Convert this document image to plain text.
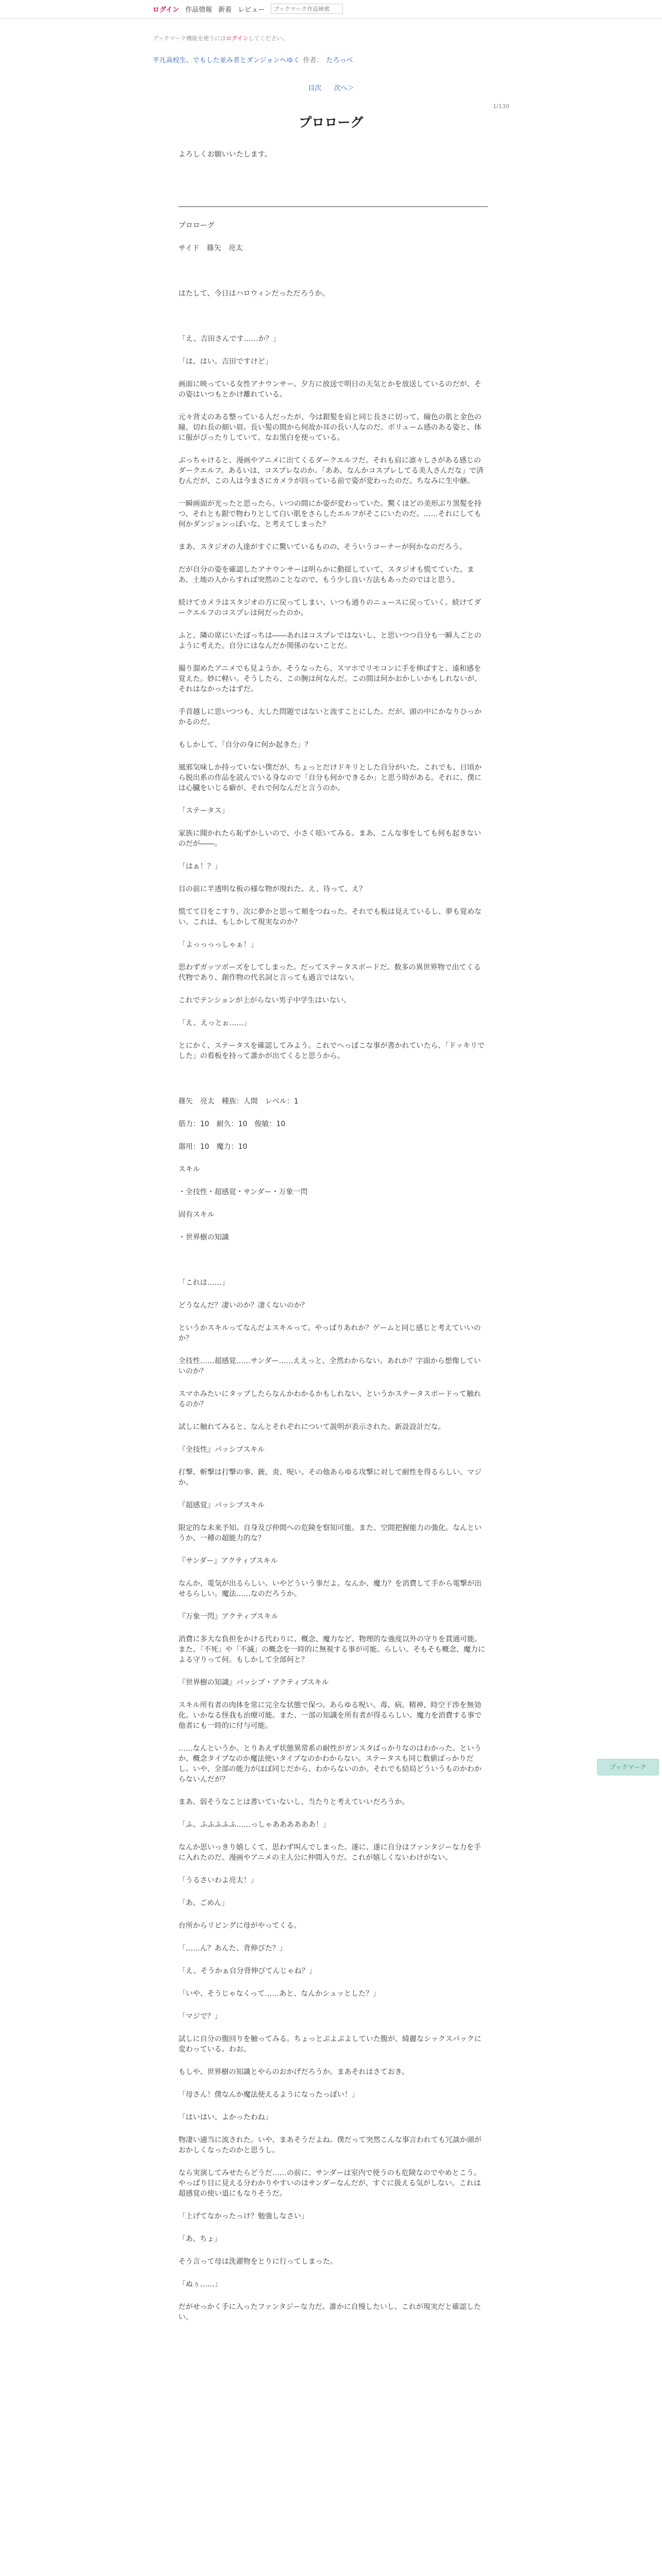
ログイン 作品情報 新着 レビュー
ブックマーク作品検索
ブックマーク機能を使うにはログインしてください。
平凡高校生、でもした並み者とダンジョンへゆく 作者： たろっぺ
目次 次へ＞
1/130
プロローグ
よろしくお願いいたします。

プロローグ

サイド　篠矢　亮太

はたして、今日はハロウィンだっただろうか。

「え、吉田さんです……か？」

「は、はい。吉田ですけど」

画面に映っている女性アナウンサー。夕方に放送で明日の天気とかを放送しているのだが、その姿はいつもとかけ離れている。

元々背丈のある整っている人だったが、今は銀髪を肩と同じ長さに切って、瞳色の肌と金色の瞳、切れ長の細い眉。長い髪の間から何故か耳の長い人なのだ。ボリューム感のある姿と、体に服がぴったりしていて、なお黒白を使っている。

ぶっちゃけると、漫画やアニメに出てくるダークエルフだ。それも肩に凛々しさがある感じのダークエルフ。あるいは、コスプレなのか。「ああ、なんかコスプレしてる美人さんだな」で済むんだが、この人は今まさにカメラが回っている前で姿が変わったのだ。ちなみに生中継。

一瞬画面が光ったと思ったら、いつの間にか姿が変わっていた。驚くほどの美形ぶり黒髪を持つ、それとも銀で物わりとして白い肌をさらしたエルフがそこにいたのだ。……それにしても何かダンジョンっぽいな、と考えてしまった？

まあ、スタジオの人達がすぐに驚いているものの、そういうコーナーが何かなのだろう。

だが自分の姿を確認したアナウンサーは明らかに動揺していて、スタジオも慌てていた。まあ、土地の人からすれば突然のことなので、もう少し良い方法もあったのではと思う。

続けてカメラはスタジオの方に戻ってしまい、いつも通りのニュースに戻っていく。続けてダークエルフのコスプレは何だったのか。

ふと、隣の席にいたぼっちは――あれはコスプレではないし、と思いつつ自分も一瞬人ごとのように考えた。自分にはなんだか関係のないことだ。

撮り溜めたアニメでも見ようか。そうなったら、スマホでリモコンに手を伸ばすと、遠和感を覚えた。妙に軽い。そうしたら、この腕は何なんだ。この間は何かおかしいかもしれないが、それはなかったはずだ。

手首越しに思いつつも、大した問題ではないと流すことにした。だが、頭の中にかなりひっかかるのだ。

もしかして、「自分の身に何か起きた」？

風邪気味しか持っていない僕だが、ちょっとだけドキリとした自分がいた。これでも、日頃から脱出系の作品を読んでいる身なので「自分も何かできるか」と思う時がある。それに、僕には心臓をいじる癖が、それで何なんだと言うのか。

「ステータス」

家族に聞かれたら恥ずかしいので、小さく呟いてみる。まあ、こんな事をしても何も起きないのだが――。

「はぁ！？」

目の前に半透明な板の様な物が現れた。え、待って、え？

慌てて目をこすり、次に夢かと思って頬をつねった。それでも板は見えているし、夢も覚めない。これは、もしかして現実なのか？

「よっっっっしゃぁ！」

思わずガッツポーズをしてしまった。だってステータスボードだ。数多の異世界物で出てくる代物であり、創作物の代名詞と言っても過言ではない。

これでテンションが上がらない男子中学生はいない。

「え、えっとぉ……」

とにかく、ステータスを確認してみよう。これでへっぽこな事が書かれていたら、「ドッキリでした」の看板を持って誰かが出てくると思うから。

篠矢　亮太　種族：人間　レベル：1

筋力：10　耐久：10　俊敏：10

器用：10　魔力：10

スキル

・全技性・超感覚・サンダー・万象一閃

固有スキル

・世界樹の知識

「これは……」

どうなんだ？凄いのか？凄くないのか？

というかスキルってなんだよスキルって。やっぱりあれか？ゲームと同じ感じと考えていいのか？

全技性……超感覚……サンダー……ええっと、全然わからない。あれか？字面から想像していいのか？

スマホみたいにタップしたらなんかわかるかもしれない、というかステータスボードって触れるのか？

試しに触れてみると、なんとそれぞれについて説明が表示された。新設設計だな。

『全技性』パッシブスキル

打撃、斬撃は打撃の事、銃、炎、呪い、その他あらゆる攻撃に対して耐性を得るらしい。マジか。

『超感覚』パッシブスキル

限定的な未来予知。自身及び仲間への危険を察知可能。また、空間把握能力の強化。なんというか、一種の超能力的な？

『サンダー』アクティブスキル

なんか、電気が出るらしい。いやどういう事だよ。なんか、魔力？を消費して手から電撃が出せるらしい。魔法……なのだろうか。

『万象一閃』アクティブスキル

消費に多大な負担をかける代わりに、概念、魔力など、物理的な強度以外の守りを貫通可能。また、「不死」や「不滅」の概念を一時的に無視する事が可能。らしい。そもそも概念、魔力による守りって何。もしかして全部何と？

『世界樹の知識』パッシブ・アクティブスキル

スキル所有者の肉体を常に完全な状態で保つ。あらゆる呪い、毒、病、精神、時空干渉を無効化。いかなる怪我も治療可能。また、一部の知識を所有者が得るらしい。魔力を消費する事で他者にも一時的に付与可能。

……なんというか、とりあえず状態異常系の耐性がガンスタばっかりなのはわかった。というか、概念タイプなのか魔法使いタイプなのかわからない。ステータスも同じ数値ばっかりだし。いや、全部の能力がほぼ同じだから、わからないのか。それでも結局どういうものかわからないんだが？

まあ、弱そうなことは書いていないし、当たりと考えていいだろうか。

「ふ、ふふふふふ……っしゃああああああ！」

なんか思いっきり嬉しくて、思わず叫んでしまった。遂に、遂に自分はファンタジーな力を手に入れたのだ。漫画やアニメの主人公に仲間入りだ。これが嬉しくないわけがない。

「うるさいわよ亮太！」

「あ、ごめん」

台所からリビングに母がやってくる。

「……ん？あんた、背伸びた？」

「え、そうかぁ自分背伸びてんじゃね？」

「いや、そうじゃなくって……あと、なんかシュッとした？」

「マジで？」

試しに自分の腹回りを触ってみる。ちょっとぷよぷよしていた腹が、綺麗なシックスパックに変わっている。わお。

もしや、世界樹の知識とやらのおかげだろうか。まあそれはさておき。

「母さん！僕なんか魔法使えるようになったっぽい！」

「はいはい、よかったわね」

物凄い適当に流された。いや、まあそうだよね。僕だって突然こんな事言われても冗談か頭がおかしくなったのかと思うし。

なら実演してみせたらどうだ……の前に、サンダーは室内で使うのも危険なのでやめとこう。やっぱり目に見える分わかりやすいのはサンダーなんだが、すぐに扱える気がしない。これは超感覚の使い道にもなりそうだ。

「上げてなかったっけ？勉強しなさい」

「あ、ちょ」

そう言って母は洗濯物をとりに行ってしまった。

「ぬぅ……」

だがせっかく手に入ったファンタジーな力だ。誰かに自慢したいし、これが現実だと確認したい。

ブックマーク
